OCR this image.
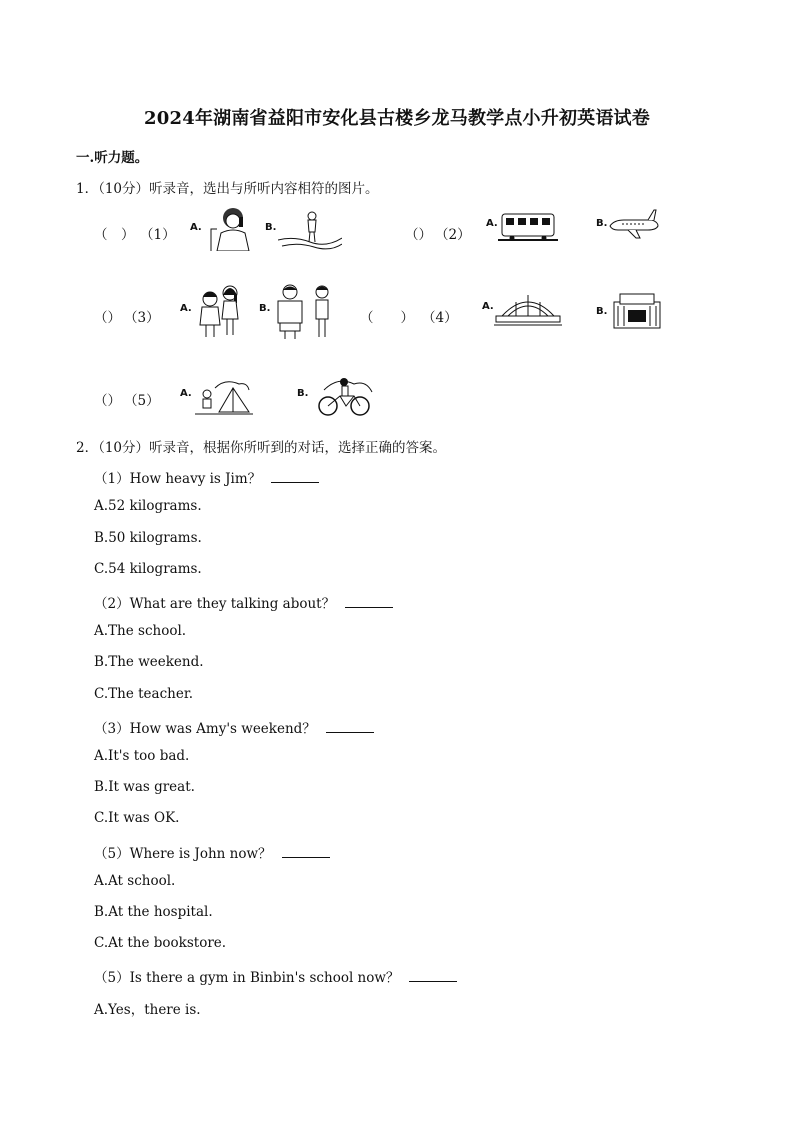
2024年湖南省益阳市安化县古楼乡龙马教学点小升初英语试卷
一.听力题。
1．（10分）听录音，选出与所听内容相符的图片。
（　） （1） A.	B.	（） （2）
A.	B.
（） （3）
A.	B.
（　　） （4）
A.	B.
（） （5） A.	B.
2．（10分）听录音，根据你所听到的对话，选择正确的答案。
（1）How heavy is Jim？
A.52 kilograms.
B.50 kilograms.
C.54 kilograms.
（2）What are they talking about？
A.The school.
B.The weekend.
C.The teacher.
（3）How was Amy's weekend？
A.It's too bad.
B.It was great.
C.It was OK.
（5）Where is John now？
A.At school.
B.At the hospital.
C.At the bookstore.
（5）Is there a gym in Binbin's school now？
A.Yes，there is.
